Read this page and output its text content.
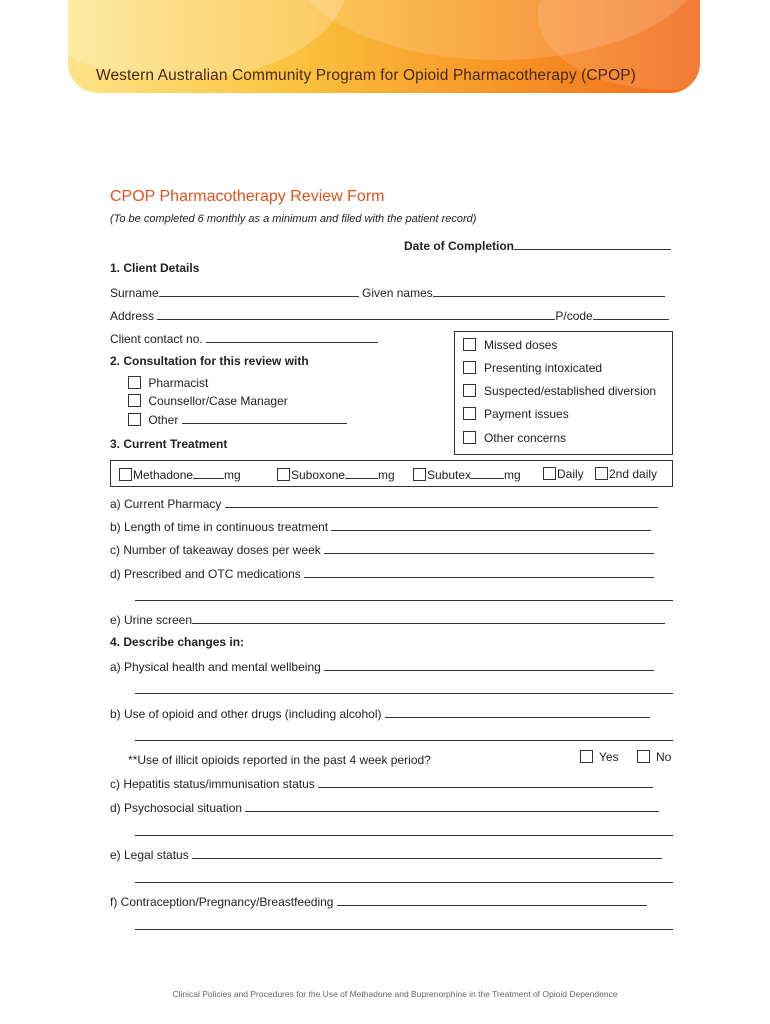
Western Australian Community Program for Opioid Pharmacotherapy (CPOP)
CPOP Pharmacotherapy Review Form
(To be completed 6 monthly as a minimum and filed with the patient record)
Date of Completion
1. Client Details
Surname	Given names
Address	P/code
Client contact no.	Missed doses
Presenting intoxicated
Suspected/established diversion
Payment issues
Other concerns
2. Consultation for this review with
Pharmacist
Counsellor/Case Manager
Other
3. Current Treatment
Methadone	mg	Suboxone	mg	Subutex	mg	Daily	2nd daily
a) Current Pharmacy
b) Length of time in continuous treatment
c) Number of takeaway doses per week
d) Prescribed and OTC medications
e) Urine screen
4. Describe changes in:
a) Physical health and mental wellbeing
b) Use of opioid and other drugs (including alcohol)
**Use of illicit opioids reported in the past 4 week period?	Yes	No
c) Hepatitis status/immunisation status
d) Psychosocial situation
e) Legal status
f) Contraception/Pregnancy/Breastfeeding
Clinical Policies and Procedures for the Use of Methadone and Buprenorphine in the Treatment of Opioid Dependence
